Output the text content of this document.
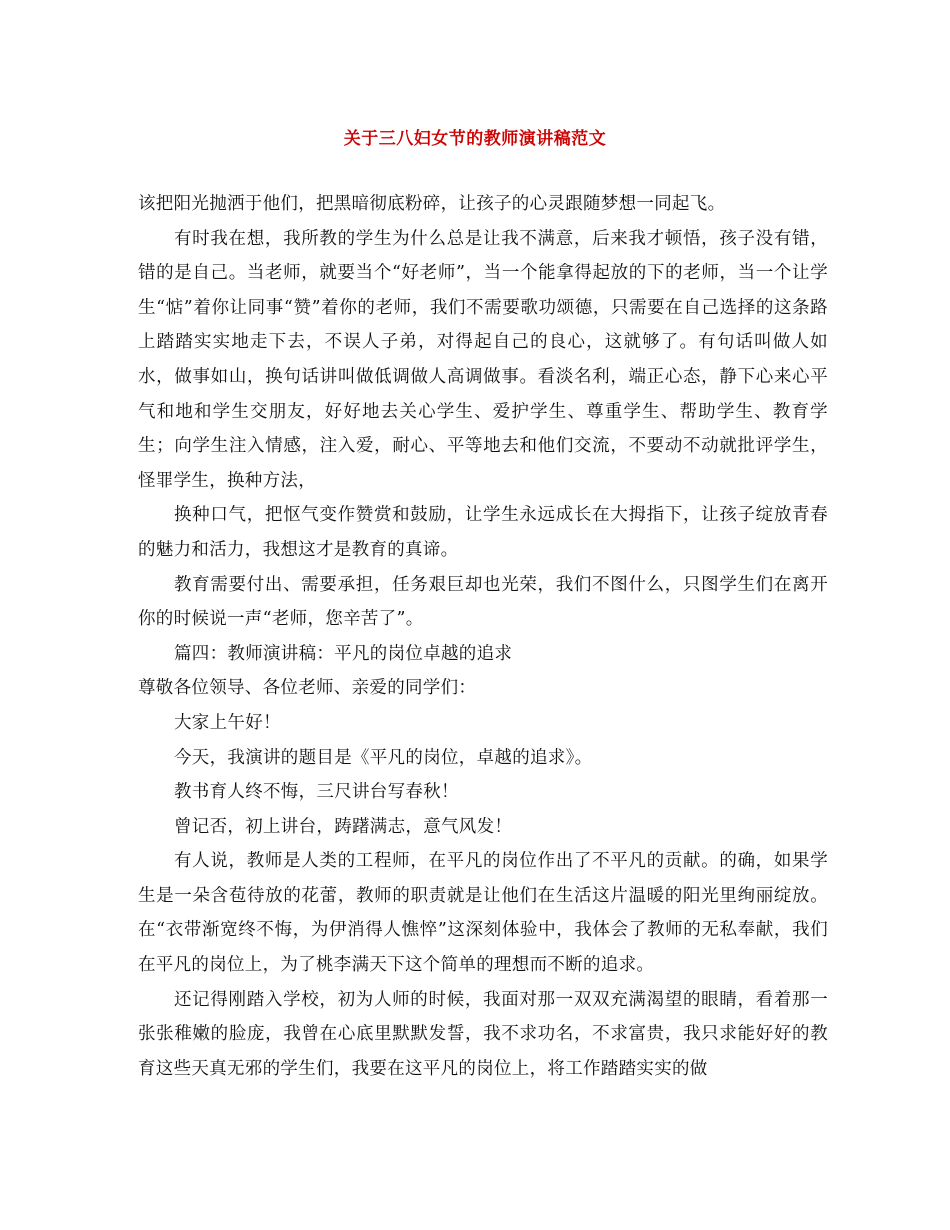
关于三八妇女节的教师演讲稿范文

该把阳光抛洒于他们，把黑暗彻底粉碎，让孩子的心灵跟随梦想一同起飞。

有时我在想，我所教的学生为什么总是让我不满意，后来我才顿悟，孩子没有错，错的是自己。当老师，就要当个“好老师”，当一个能拿得起放的下的老师，当一个让学生“惦”着你让同事“赞”着你的老师，我们不需要歌功颂德，只需要在自己选择的这条路上踏踏实实地走下去，不误人子弟，对得起自己的良心，这就够了。有句话叫做人如水，做事如山，换句话讲叫做低调做人高调做事。看淡名利，端正心态，静下心来心平气和地和学生交朋友，好好地去关心学生、爱护学生、尊重学生、帮助学生、教育学生；向学生注入情感，注入爱，耐心、平等地去和他们交流，不要动不动就批评学生，怪罪学生，换种方法，

换种口气，把怄气变作赞赏和鼓励，让学生永远成长在大拇指下，让孩子绽放青春的魅力和活力，我想这才是教育的真谛。

教育需要付出、需要承担，任务艰巨却也光荣，我们不图什么，只图学生们在离开你的时候说一声“老师，您辛苦了”。

篇四：教师演讲稿：平凡的岗位卓越的追求

尊敬各位领导、各位老师、亲爱的同学们：

大家上午好！

今天，我演讲的题目是《平凡的岗位，卓越的追求》。

教书育人终不悔，三尺讲台写春秋！

曾记否，初上讲台，踌躇满志，意气风发！

有人说，教师是人类的工程师，在平凡的岗位作出了不平凡的贡献。的确，如果学生是一朵含苞待放的花蕾，教师的职责就是让他们在生活这片温暖的阳光里绚丽绽放。在“衣带渐宽终不悔，为伊消得人憔悴”这深刻体验中，我体会了教师的无私奉献，我们在平凡的岗位上，为了桃李满天下这个简单的理想而不断的追求。

还记得刚踏入学校，初为人师的时候，我面对那一双双充满渴望的眼睛，看着那一张张稚嫩的脸庞，我曾在心底里默默发誓，我不求功名，不求富贵，我只求能好好的教育这些天真无邪的学生们，我要在这平凡的岗位上，将工作踏踏实实的做
